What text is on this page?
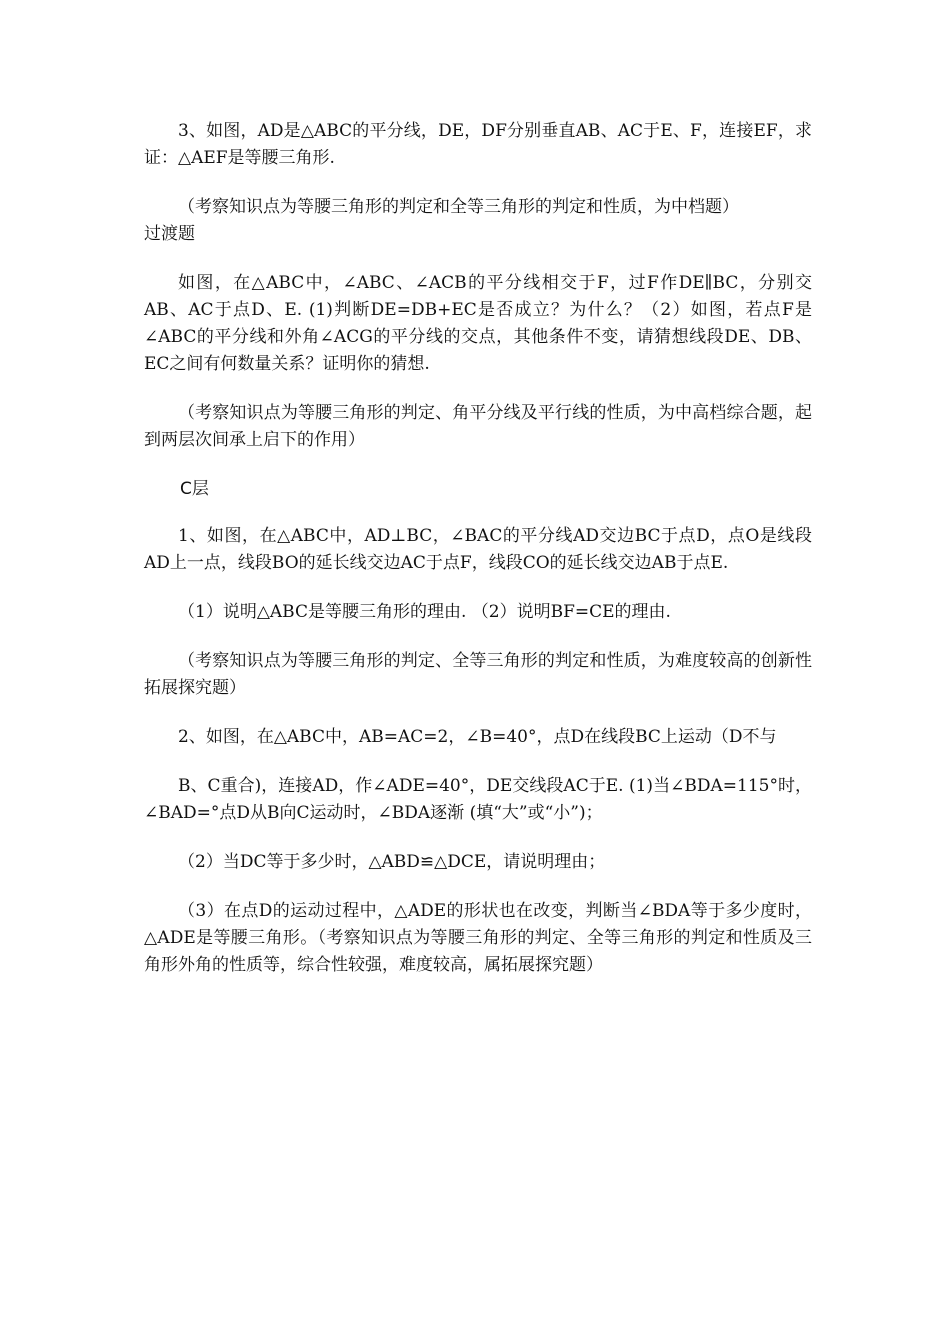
3、如图，AD是△ABC的平分线，DE，DF分别垂直AB、AC于E、F，连接EF，求证：△AEF是等腰三角形.

（考察知识点为等腰三角形的判定和全等三角形的判定和性质，为中档题）

过渡题

如图，在△ABC中，∠ABC、∠ACB的平分线相交于F，过F作DE∥BC，分别交AB、AC于点D、E. (1)判断DE=DB+EC是否成立？为什么？（2）如图，若点F是∠ABC的平分线和外角∠ACG的平分线的交点，其他条件不变，请猜想线段DE、DB、EC之间有何数量关系？证明你的猜想.

（考察知识点为等腰三角形的判定、角平分线及平行线的性质，为中高档综合题，起到两层次间承上启下的作用）

C层

1、如图，在△ABC中，AD⊥BC，∠BAC的平分线AD交边BC于点D，点O是线段AD上一点，线段BO的延长线交边AC于点F，线段CO的延长线交边AB于点E.

（1）说明△ABC是等腰三角形的理由. （2）说明BF=CE的理由.

（考察知识点为等腰三角形的判定、全等三角形的判定和性质，为难度较高的创新性拓展探究题）

2、如图，在△ABC中，AB=AC=2，∠B=40°，点D在线段BC上运动（D不与

B、C重合)，连接AD，作∠ADE=40°，DE交线段AC于E. (1)当∠BDA=115°时，∠BAD=°点D从B向C运动时，∠BDA逐渐 (填“大”或“小”)；

（2）当DC等于多少时，△ABD≌△DCE，请说明理由；

（3）在点D的运动过程中，△ADE的形状也在改变，判断当∠BDA等于多少度时，△ADE是等腰三角形。（考察知识点为等腰三角形的判定、全等三角形的判定和性质及三角形外角的性质等，综合性较强，难度较高，属拓展探究题）
